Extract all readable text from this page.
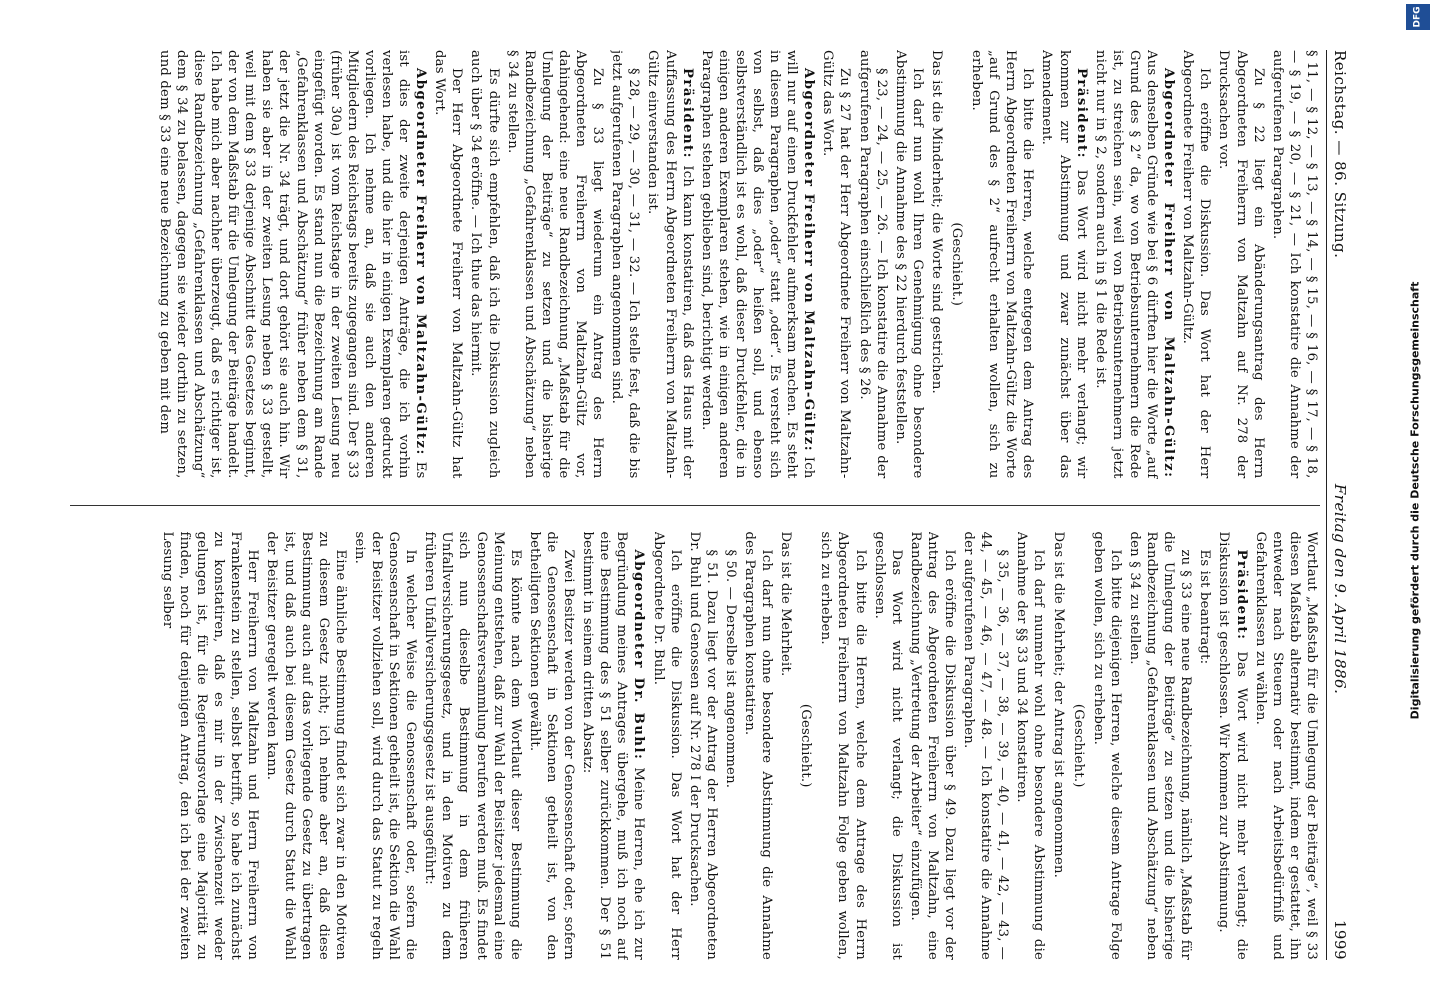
Reichstag. — 86. Sitzung.
Freitag den 9. April 1886.
1999

§ 11, — § 12, — § 13, — § 14, — § 15, — § 16, — § 17, — § 18, — § 19, — § 20, — § 21, — Ich konstatire die Annahme der aufgerufenen Paragraphen.

Zu § 22 liegt ein Abänderungsantrag des Herrn Abgeordneten Freiherrn von Maltzahn auf Nr. 278 der Drucksachen vor.

Ich eröffne die Diskussion. Das Wort hat der Herr Abgeordnete Freiherr von Maltzahn-Gültz.

Abgeordneter Freiherr von Maltzahn-Gültz: Aus denselben Gründe wie bei § 6 dürften hier die Worte „auf Grund des § 2“ da, wo von Betriebsunternehmern die Rede ist, zu streichen sein, weil von Betriebsunternehmern jetzt nicht nur in § 2, sondern auch in § 1 die Rede ist.

Präsident: Das Wort wird nicht mehr verlangt; wir kommen zur Abstimmung und zwar zunächst über das Amendement.

Ich bitte die Herren, welche entgegen dem Antrag des Herrn Abgeordneten Freiherrn von Maltzahn-Gültz die Worte „auf Grund des § 2“ aufrecht erhalten wollen, sich zu erheben.

(Geschieht.)

Das ist die Minderheit; die Worte sind gestrichen.

Ich darf nun wohl Ihren Genehmigung ohne besondere Abstimmung die Annahme des § 22 hierdurch feststellen.

§ 23, — 24, — 25, — 26. — Ich konstatire die Annahme der aufgerufenen Paragraphen einschließlich des § 26.

Zu § 27 hat der Herr Abgeordnete Freiherr von Maltzahn-Gültz das Wort.

Abgeordneter Freiherr von Maltzahn-Gültz: Ich will nur auf einen Druckfehler aufmerksam machen. Es steht in diesem Paragraphen „oder“ statt „oder“. Es versteht sich von selbst, daß dies „oder“ heißen soll, und ebenso selbstverständlich ist es wohl, daß dieser Druckfehler, die in einigen anderen Exemplaren stehen, wie in einigen anderen Paragraphen stehen geblieben sind, berichtigt werden.

Präsident: Ich kann konstatiren, daß das Haus mit der Auffassung des Herrn Abgeordneten Freiherrn von Maltzahn-Gültz einverstanden ist.

§ 28, — 29, — 30, — 31, — 32. — Ich stelle fest, daß die bis jetzt aufgerufenen Paragraphen angenommen sind.

Zu § 33 liegt wiederum ein Antrag des Herrn Abgeordneten Freiherrn von Maltzahn-Gültz vor, dahingehend: eine neue Randbezeichnung „Maßstab für die Umlegung der Beiträge“ zu setzen und die bisherige Randbezeichnung „Gefahrenklassen und Abschätzung“ neben § 34 zu stellen.

Es dürfte sich empfehlen, daß ich die Diskussion zugleich auch über § 34 eröffne. — Ich thue das hiermit.

Der Herr Abgeordnete Freiherr von Maltzahn-Gültz hat das Wort.

Abgeordneter Freiherr von Maltzahn-Gültz: Es ist dies der zweite derjenigen Anträge, die ich vorhin verlesen habe, und die hier in einigen Exemplaren gedruckt vorliegen. Ich nehme an, daß sie auch den anderen Mitgliedern des Reichstags bereits zugegangen sind. Der § 33 (früher 30a) ist vom Reichstage in der zweiten Lesung neu eingefügt worden. Es stand nun die Bezeichnung am Rande „Gefahrenklassen und Abschätzung“ früher neben dem § 31, der jetzt die Nr. 34 trägt, und dort gehört sie auch hin. Wir haben sie aber in der zweiten Lesung neben § 33 gestellt, weil mit dem § 33 derjenige Abschnitt des Gesetzes beginnt, der von dem Maßstab für die Umlegung der Beiträge handelt. Ich habe mich aber nachher überzeugt, daß es richtiger ist, diese Randbezeichnung „Gefahrenklassen und Abschätzung“ dem § 34 zu belassen, dagegen sie wieder dorthin zu setzen, und dem § 33 eine neue Bezeichnung zu geben mit dem

Wortlaut „Maßstab für die Umlegung der Beiträge“, weil § 33 diesen Maßstab alternativ bestimmt, indem er gestattet, ihn entweder nach Steuern oder nach Arbeitsbedürfniß und Gefahrenklassen zu wählen.

Präsident: Das Wort wird nicht mehr verlangt; die Diskussion ist geschlossen. Wir kommen zur Abstimmung.

Es ist beantragt:

zu § 33 eine neue Randbezeichnung, nämlich „Maßstab für die Umlegung der Beiträge“ zu setzen und die bisherige Randbezeichnung „Gefahrenklassen und Abschätzung“ neben den § 34 zu stellen.

Ich bitte diejenigen Herren, welche diesem Antrage Folge geben wollen, sich zu erheben.

(Geschieht.)

Das ist die Mehrheit; der Antrag ist angenommen.

Ich darf nunmehr wohl ohne besondere Abstimmung die Annahme der §§ 33 und 34 konstatiren.

§ 35, — 36, — 37, — 38, — 39, — 40, — 41, — 42, — 43, — 44, — 45, — 46, — 47, — 48. — Ich konstatire die Annahme der aufgerufenen Paragraphen.

Ich eröffne die Diskussion über § 49. Dazu liegt vor der Antrag des Abgeordneten Freiherrn von Maltzahn, eine Randbezeichnung „Vertretung der Arbeiter“ einzufügen.

Das Wort wird nicht verlangt; die Diskussion ist geschlossen.

Ich bitte die Herren, welche dem Antrage des Herrn Abgeordneten Freiherrn von Maltzahn Folge geben wollen, sich zu erheben.

(Geschieht.)

Das ist die Mehrheit.

Ich darf nun ohne besondere Abstimmung die Annahme des Paragraphen konstatiren.

§ 50. — Derselbe ist angenommen.

§ 51. Dazu liegt vor der Antrag der Herren Abgeordneten Dr. Buhl und Genossen auf Nr. 278 I der Drucksachen.

Ich eröffne die Diskussion. Das Wort hat der Herr Abgeordnete Dr. Buhl.

Abgeordneter Dr. Buhl: Meine Herren, ehe ich zur Begründung meines Antrages übergehe, muß ich noch auf eine Bestimmung des § 51 selber zurückkommen. Der § 51 bestimmt in seinem dritten Absatz:

Zwei Besitzer werden von der Genossenschaft oder, sofern die Genossenschaft in Sektionen getheilt ist, von den betheiligten Sektionen gewählt.

Es könnte nach dem Wortlaut dieser Bestimmung die Meinung entstehen, daß zur Wahl der Beisitzer jedesmal eine Genossenschaftsversammlung berufen werden muß. Es findet sich nun dieselbe Bestimmung in dem früheren Unfallversicherungsgesetz, und in den Motiven zu dem früheren Unfallversicherungsgesetz ist ausgeführt:

In welcher Weise die Genossenschaft oder, sofern die Genossenschaft in Sektionen getheilt ist, die Sektion die Wahl der Beisitzer vollziehen soll, wird durch das Statut zu regeln sein.

Eine ähnliche Bestimmung findet sich zwar in den Motiven zu diesem Gesetz nicht; ich nehme aber an, daß diese Bestimmung auch auf das vorliegende Gesetz zu übertragen ist, und daß auch bei diesem Gesetz durch Statut die Wahl der Beisitzer geregelt werden kann.

Herr Freiherrn von Maltzahn und Herrn Freiherrn von Frankenstein zu stellen, selbst betrifft, so habe ich zunächst zu konstatiren, daß es mir in der Zwischenzeit weder gelungen ist, für die Regierungsvorlage eine Majorität zu finden, noch für denjenigen Antrag, den ich bei der zweiten Lesung selber

DFG
Digitalisierung gefördert durch die Deutsche Forschungsgemeinschaft
